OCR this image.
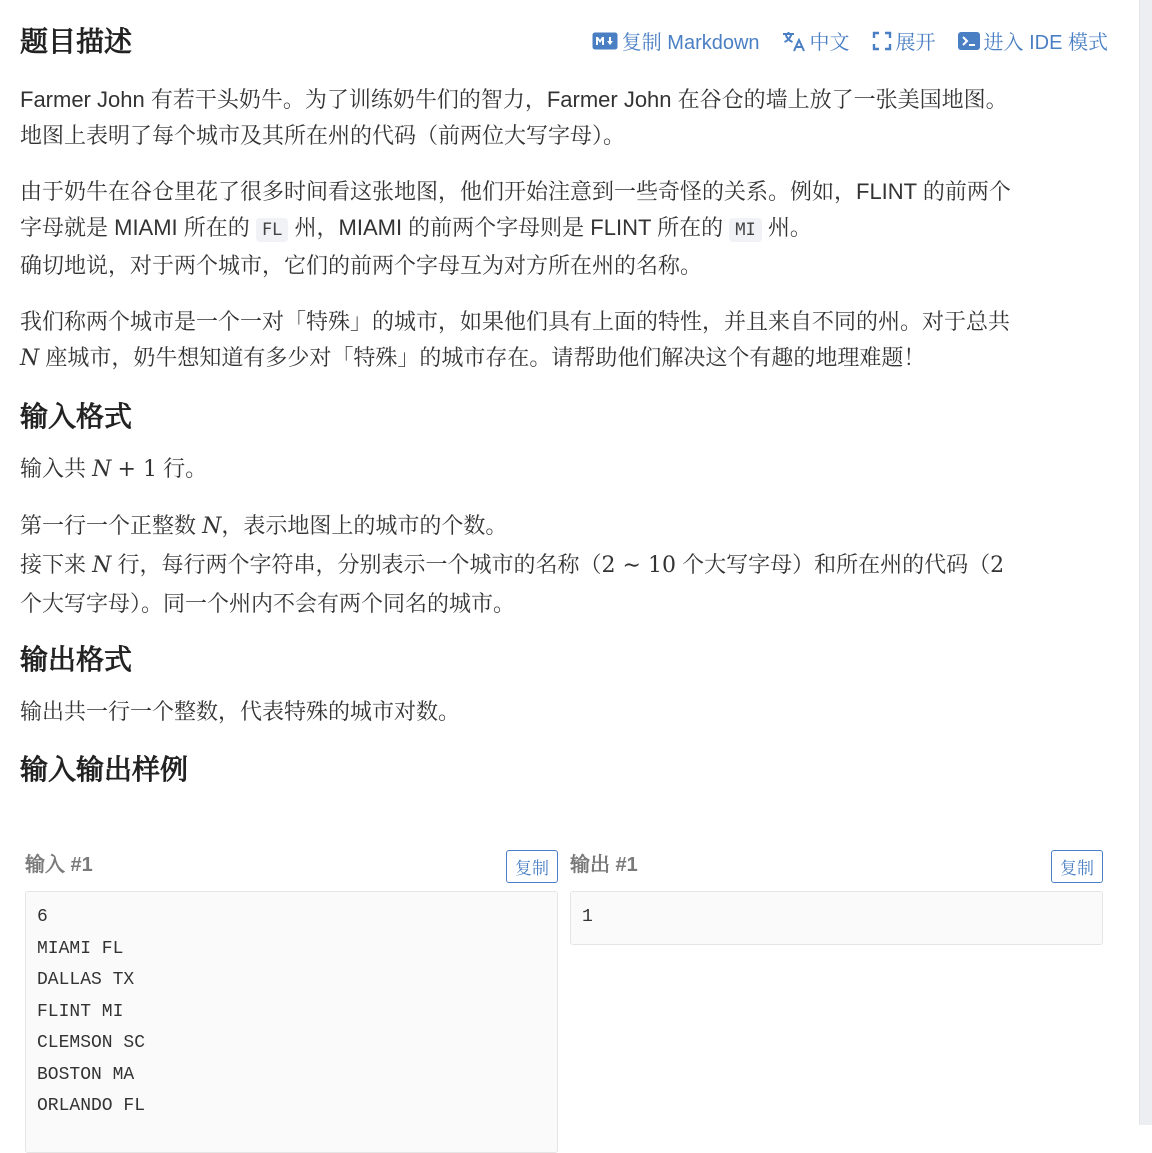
题目描述	复制 Markdown	中文 展开 进入 IDE 模式

Farmer John 有若干头奶牛。为了训练奶牛们的智力，Farmer John 在谷仓的墙上放了一张美国地图。

地图上表明了每个城市及其所在州的代码（前两位大写字母）。

由于奶牛在谷仓里花了很多时间看这张地图，他们开始注意到一些奇怪的关系。例如，FLINT 的前两个

字母就是 MIAMI 所在的 FL 州，MIAMI 的前两个字母则是 FLINT 所在的 MI 州。

确切地说，对于两个城市，它们的前两个字母互为对方所在州的名称。

我们称两个城市是一个一对「特殊」的城市，如果他们具有上面的特性，并且来自不同的州。对于总共

N 座城市，奶牛想知道有多少对「特殊」的城市存在。请帮助他们解决这个有趣的地理难题！

输入格式

输入共 N + 1 行。

第一行一个正整数 N，表示地图上的城市的个数。

接下来 N 行，每行两个字符串，分别表示一个城市的名称（2 ∼ 10 个大写字母）和所在州的代码（2

个大写字母）。同一个州内不会有两个同名的城市。

输出格式

输出共一行一个整数，代表特殊的城市对数。

输入输出样例
输入 #1	复制
6
MIAMI FL
DALLAS TX
FLINT MI
CLEMSON SC
BOSTON MA
ORLANDO FL
输出 #1	复制
1
